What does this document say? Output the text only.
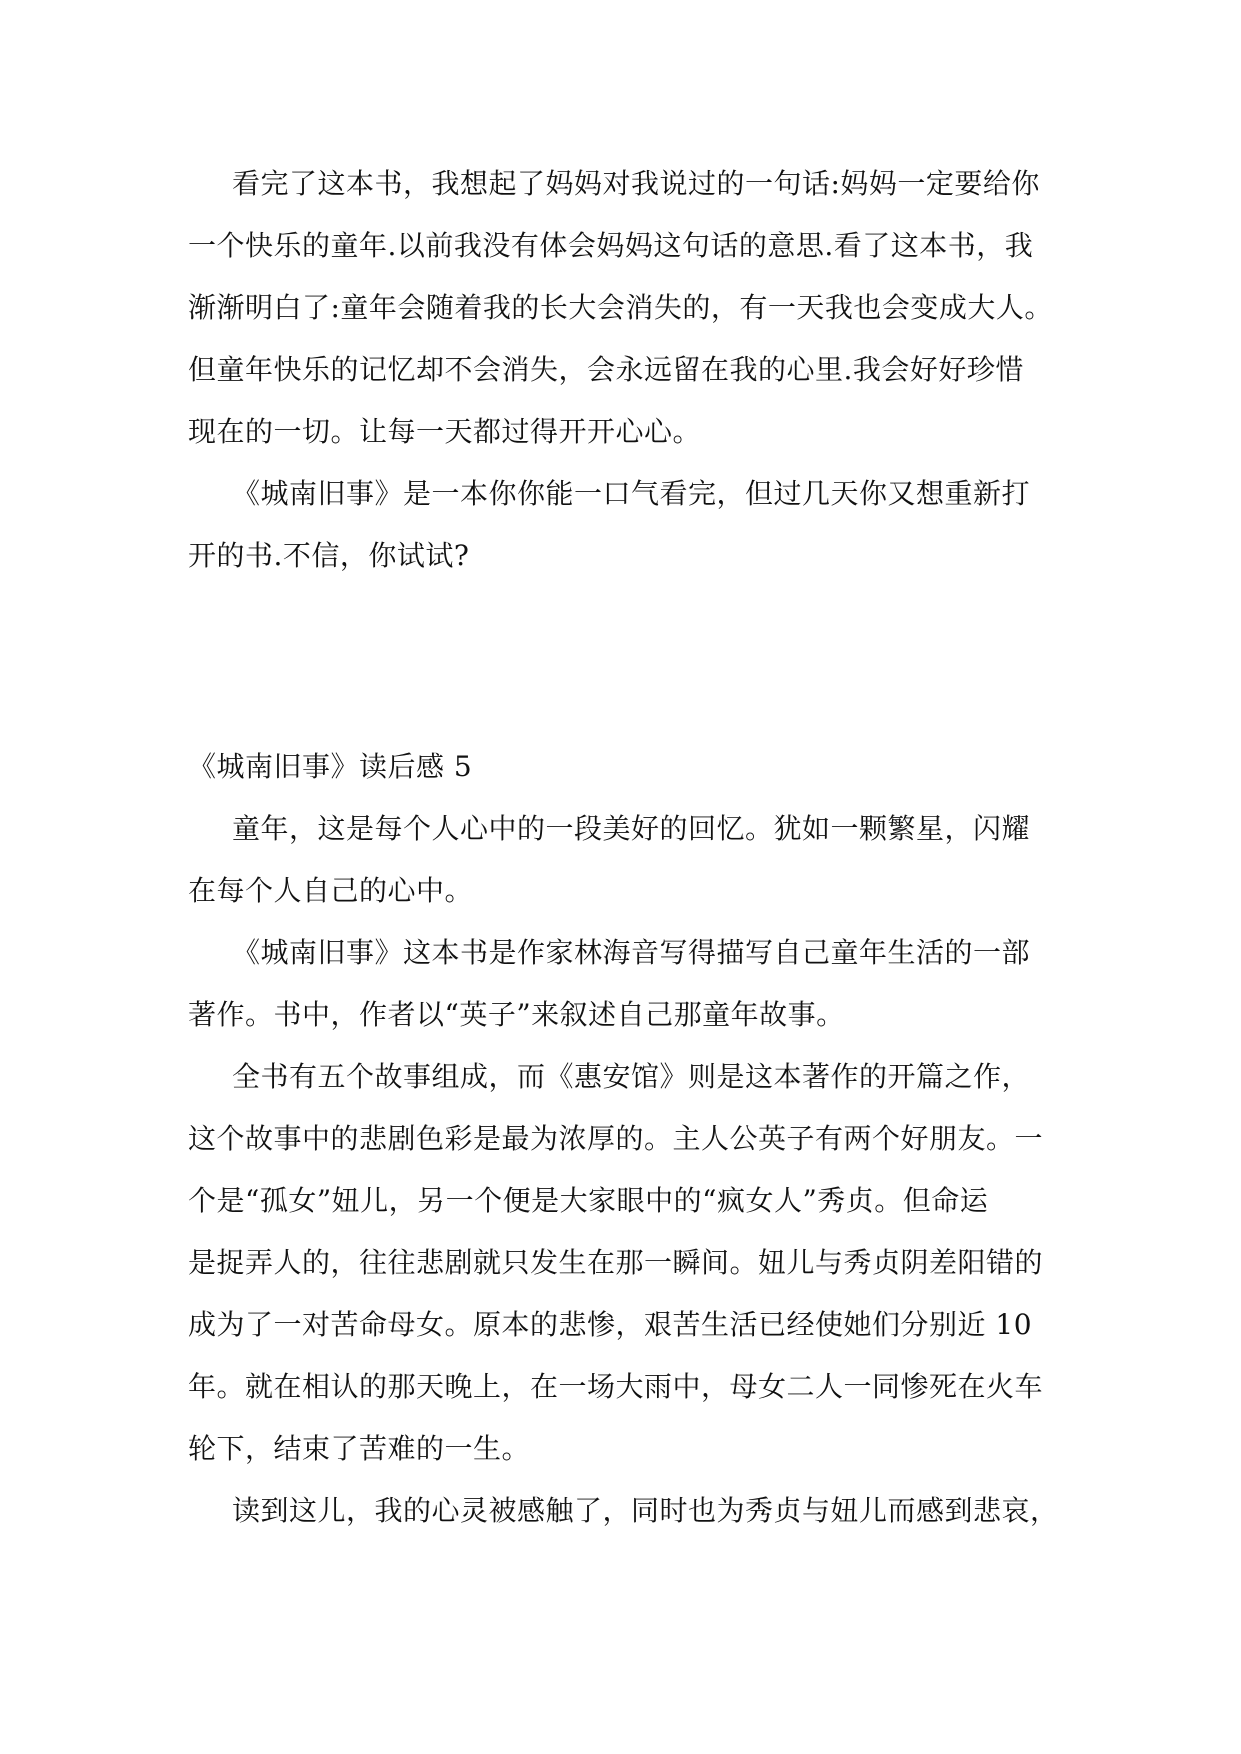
看完了这本书，我想起了妈妈对我说过的一句话:妈妈一定要给你
一个快乐的童年.以前我没有体会妈妈这句话的意思.看了这本书，我
渐渐明白了:童年会随着我的长大会消失的，有一天我也会变成大人。
但童年快乐的记忆却不会消失，会永远留在我的心里.我会好好珍惜
现在的一切。让每一天都过得开开心心。
《城南旧事》是一本你你能一口气看完，但过几天你又想重新打
开的书.不信，你试试?
《城南旧事》读后感 5
童年，这是每个人心中的一段美好的回忆。犹如一颗繁星，闪耀
在每个人自己的心中。
《城南旧事》这本书是作家林海音写得描写自己童年生活的一部
著作。书中，作者以“英子”来叙述自己那童年故事。
全书有五个故事组成，而《惠安馆》则是这本著作的开篇之作，
这个故事中的悲剧色彩是最为浓厚的。主人公英子有两个好朋友。一
个是“孤女”妞儿，另一个便是大家眼中的“疯女人”秀贞。但命运
是捉弄人的，往往悲剧就只发生在那一瞬间。妞儿与秀贞阴差阳错的
成为了一对苦命母女。原本的悲惨，艰苦生活已经使她们分别近 10
年。就在相认的那天晚上，在一场大雨中，母女二人一同惨死在火车
轮下，结束了苦难的一生。
读到这儿，我的心灵被感触了，同时也为秀贞与妞儿而感到悲哀，
